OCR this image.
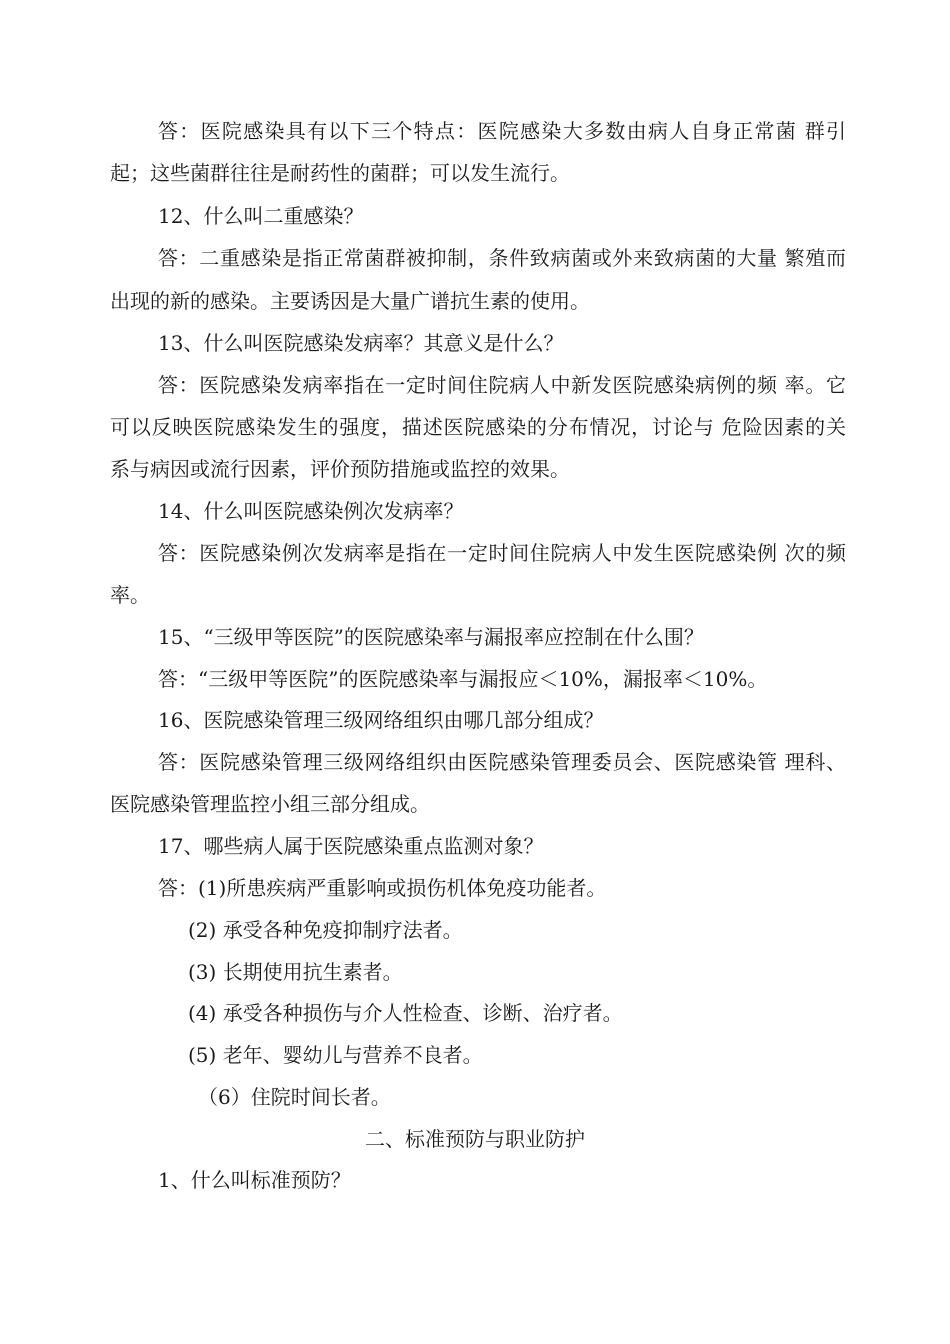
答：医院感染具有以下三个特点：医院感染大多数由病人自身正常菌 群引
起；这些菌群往往是耐药性的菌群；可以发生流行。
12、什么叫二重感染？
答：二重感染是指正常菌群被抑制，条件致病菌或外来致病菌的大量 繁殖而
出现的新的感染。主要诱因是大量广谱抗生素的使用。
13、什么叫医院感染发病率？其意义是什么？
答：医院感染发病率指在一定时间住院病人中新发医院感染病例的频 率。它
可以反映医院感染发生的强度，描述医院感染的分布情况，讨论与 危险因素的关
系与病因或流行因素，评价预防措施或监控的效果。
14、什么叫医院感染例次发病率？
答：医院感染例次发病率是指在一定时间住院病人中发生医院感染例 次的频
率。
15、“三级甲等医院”的医院感染率与漏报率应控制在什么围？
答：“三级甲等医院”的医院感染率与漏报应＜10%，漏报率＜10%。
16、医院感染管理三级网络组织由哪几部分组成？
答：医院感染管理三级网络组织由医院感染管理委员会、医院感染管 理科、
医院感染管理监控小组三部分组成。
17、哪些病人属于医院感染重点监测对象？
答：(1)所患疾病严重影响或损伤机体免疫功能者。
(2) 承受各种免疫抑制疗法者。
(3) 长期使用抗生素者。
(4) 承受各种损伤与介人性检查、诊断、治疗者。
(5) 老年、婴幼儿与营养不良者。
（6）住院时间长者。
二、标准预防与职业防护
1、什么叫标准预防？
